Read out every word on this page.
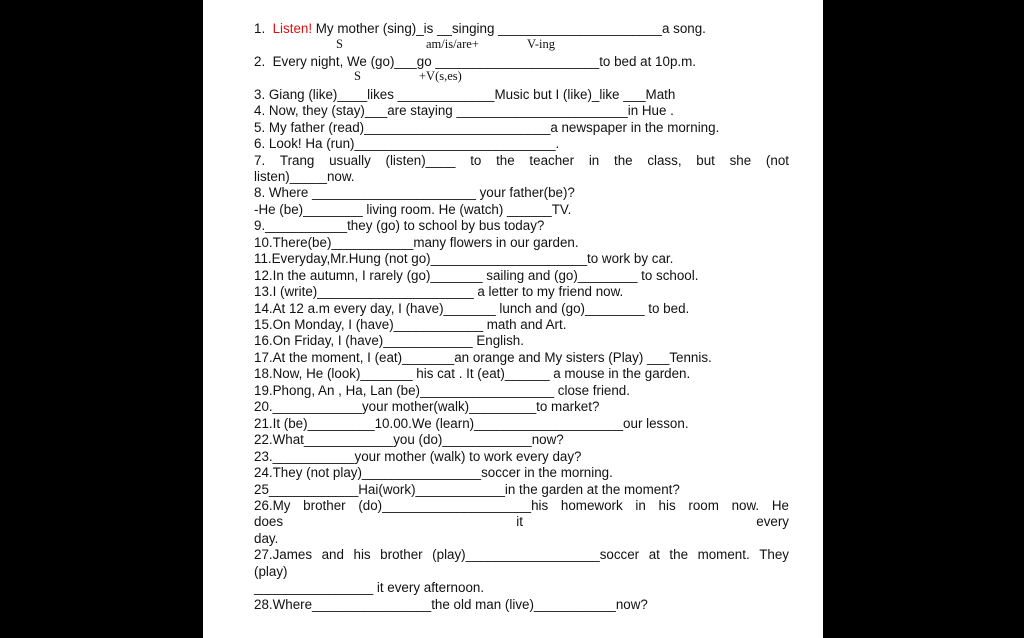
1.  Listen! My mother (sing)_is __singing ______________________a song.
S	am/is/are+	V-ing
2.  Every night, We (go)___go ______________________to bed at 10p.m.
S	+V(s,es)
3. Giang (like)____likes _____________Music but I (like)_like ___Math
4. Now, they (stay)___are staying _______________________in Hue .
5. My father (read)_________________________a newspaper in the morning.
6. Look! Ha (run)___________________________.
7. Trang usually (listen)____ to the teacher in the class, but she (not
listen)_____now.
8. Where ______________________ your father(be)?
-He (be)________ living room. He (watch) ______TV.
9.___________they (go) to school by bus today?
10.There(be)___________many flowers in our garden.
11.Everyday,Mr.Hung (not go)_____________________to work by car.
12.In the autumn, I rarely (go)_______ sailing and (go)________ to school.
13.I (write)_____________________ a letter to my friend now.
14.At 12 a.m every day, I (have)_______ lunch and (go)________ to bed.
15.On Monday, I (have)____________ math and Art.
16.On Friday, I (have)____________ English.
17.At the moment, I (eat)_______an orange and My sisters (Play) ___Tennis.
18.Now, He (look)_______ his cat . It (eat)______ a mouse in the garden.
19.Phong, An , Ha, Lan (be)__________________ close friend.
20.____________your mother(walk)_________to market?
21.It (be)_________10.00.We (learn)____________________our lesson.
22.What____________you (do)____________now?
23.___________your mother (walk) to work every day?
24.They (not play)________________soccer in the morning.
25____________Hai(work)____________in the garden at the moment?
26.My brother (do)____________________his homework in his room now. He
does	it	every
day.
27.James and his brother (play)__________________soccer at the moment. They
(play)
________________ it every afternoon.
28.Where________________the old man (live)___________now?
